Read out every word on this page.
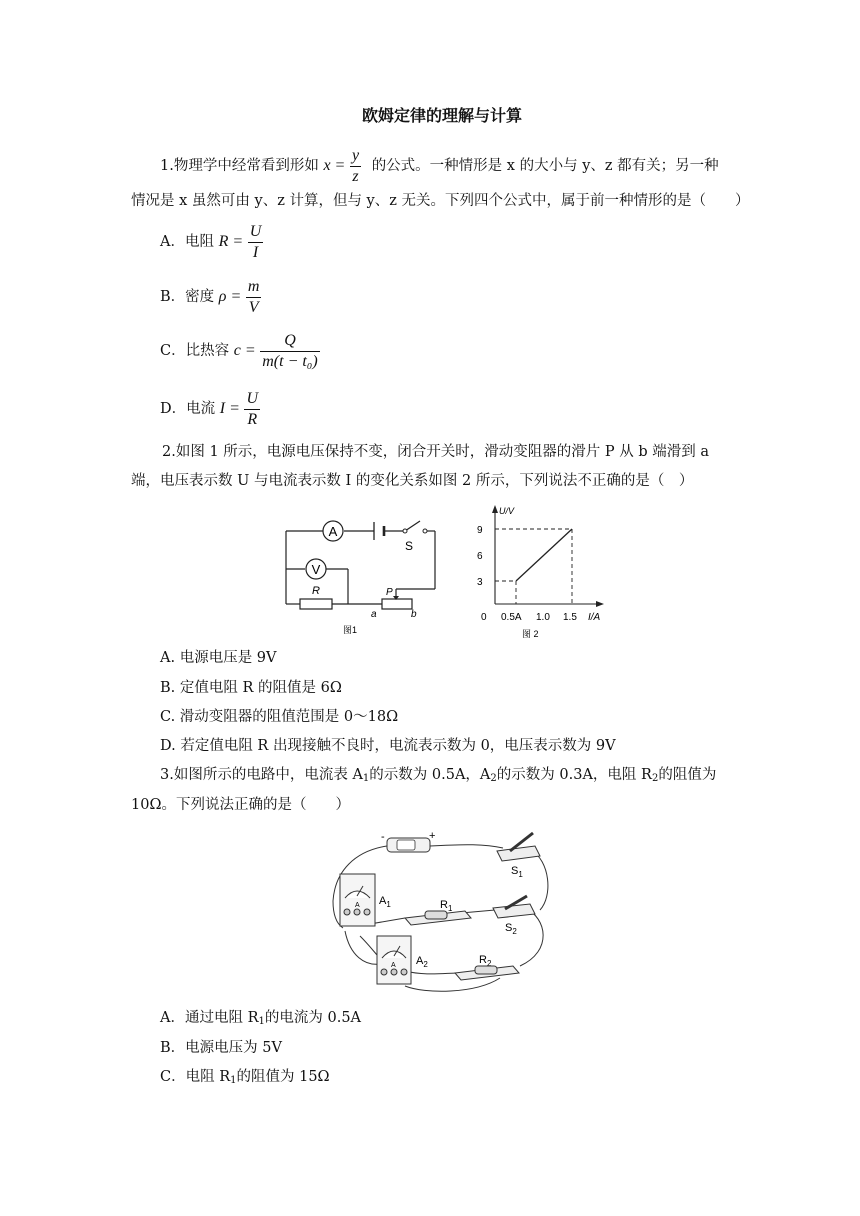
欧姆定律的理解与计算
1.物理学中经常看到形如 $x = \frac{y}{z}$ 的公式。一种情形是 x 的大小与 y、z 都有关；另一种
情况是 x 虽然可由 y、z 计算，但与 y、z 无关。下列四个公式中，属于前一种情形的是（　　）
A．电阻 $R = \frac{U}{I}$
B．密度 $\rho = \frac{m}{V}$
C．比热容 $c = \frac{Q}{\text{m(t − t₀)}}$
D．电流 $I = \frac{U}{R}$
2.如图 1 所示，电源电压保持不变，闭合开关时，滑动变阻器的滑片 P 从 b 端滑到 a
端，电压表示数 U 与电流表示数 I 的变化关系如图 2 所示，下列说法不正确的是（　）
A
V
S
R	P
a	b
图1
U/V
I/A
0
3
6
9
0.5A 1.0 1.5
图 2
A. 电源电压是 9V
B. 定值电阻 R 的阻值是 6Ω
C. 滑动变阻器的阻值范围是 0～18Ω
D. 若定值电阻 R 出现接触不良时，电流表示数为 0，电压表示数为 9V
3.如图所示的电路中，电流表 $A_1$的示数为 0.5A，$A_2$的示数为 0.3A，电阻 $R_2$的阻值为
10Ω。下列说法正确的是（　　）
-	+
$S_1$
A $A_1$	$R_1$
$S_2$
A $A_2$	$R_2$
A．通过电阻 $R_1$的电流为 0.5A
B．电源电压为 5V
C．电阻 $R_1$的阻值为 15Ω
